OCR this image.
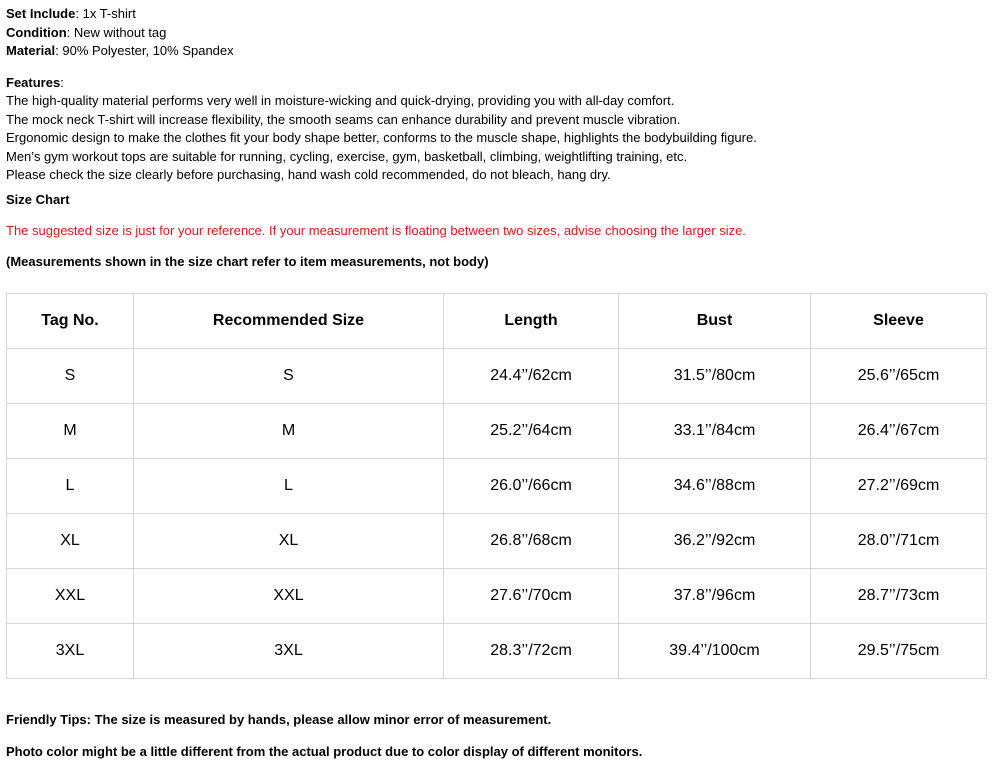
Set Include: 1x T-shirt
Condition: New without tag
Material: 90% Polyester, 10% Spandex
Features:
The high-quality material performs very well in moisture-wicking and quick-drying, providing you with all-day comfort.
The mock neck T-shirt will increase flexibility, the smooth seams can enhance durability and prevent muscle vibration.
Ergonomic design to make the clothes fit your body shape better, conforms to the muscle shape, highlights the bodybuilding figure.
Men’s gym workout tops are suitable for running, cycling, exercise, gym, basketball, climbing, weightlifting training, etc.
Please check the size clearly before purchasing, hand wash cold recommended, do not bleach, hang dry.
Size Chart
The suggested size is just for your reference. If your measurement is floating between two sizes, advise choosing the larger size.
(Measurements shown in the size chart refer to item measurements, not body)
Tag No.	Recommended Size	Length	Bust	Sleeve
S	S	24.4’’/62cm	31.5’’/80cm	25.6’’/65cm
M	M	25.2’’/64cm	33.1’’/84cm	26.4’’/67cm
L	L	26.0’’/66cm	34.6’’/88cm	27.2’’/69cm
XL	XL	26.8’’/68cm	36.2’’/92cm	28.0’’/71cm
XXL	XXL	27.6’’/70cm	37.8’’/96cm	28.7’’/73cm
3XL	3XL	28.3’’/72cm	39.4’’/100cm	29.5’’/75cm
Friendly Tips: The size is measured by hands, please allow minor error of measurement.
Photo color might be a little different from the actual product due to color display of different monitors.
